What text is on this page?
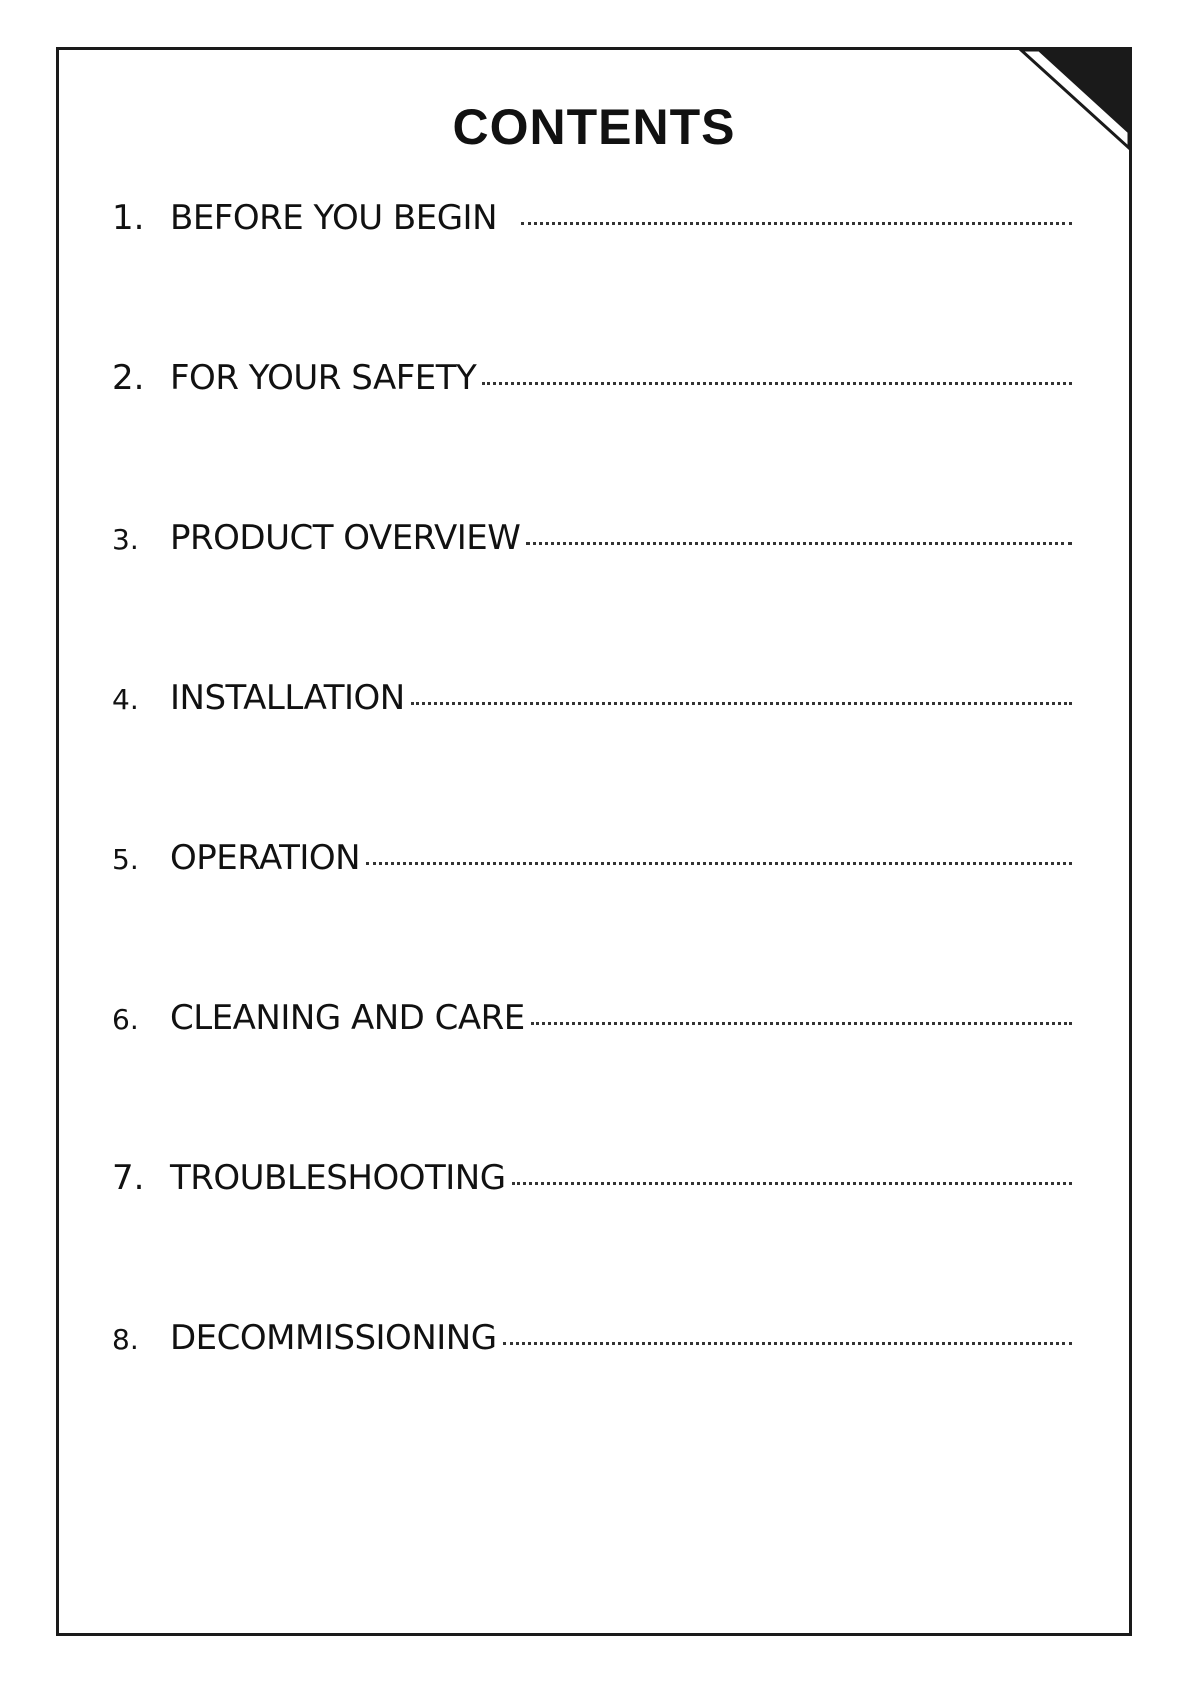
CONTENTS
1. BEFORE YOU BEGIN
2. FOR YOUR SAFETY
3. PRODUCT OVERVIEW
4. INSTALLATION
5. OPERATION
6. CLEANING AND CARE
7. TROUBLESHOOTING
8. DECOMMISSIONING
